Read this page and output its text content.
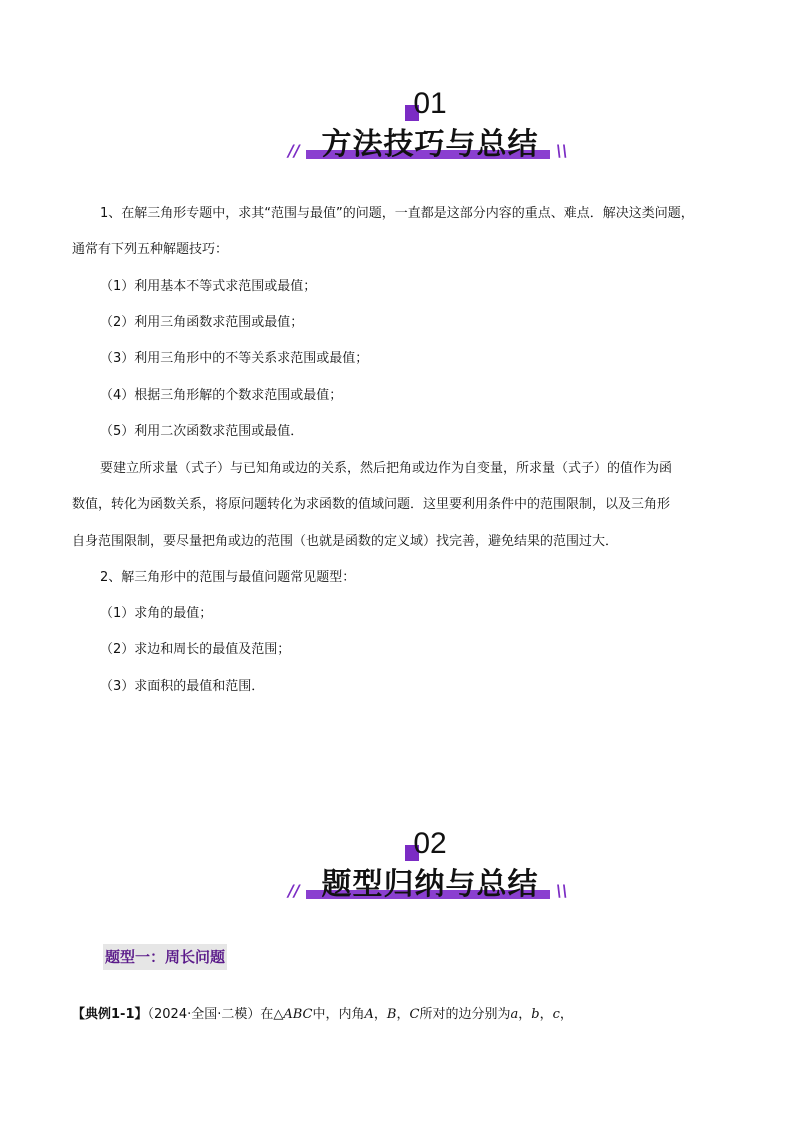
01
方法技巧与总结
//	\\
1、在解三角形专题中，求其“范围与最值”的问题，一直都是这部分内容的重点、难点．解决这类问题，
通常有下列五种解题技巧：
（1）利用基本不等式求范围或最值；
（2）利用三角函数求范围或最值；
（3）利用三角形中的不等关系求范围或最值；
（4）根据三角形解的个数求范围或最值；
（5）利用二次函数求范围或最值．
要建立所求量（式子）与已知角或边的关系，然后把角或边作为自变量，所求量（式子）的值作为函
数值，转化为函数关系，将原问题转化为求函数的值域问题．这里要利用条件中的范围限制，以及三角形
自身范围限制，要尽量把角或边的范围（也就是函数的定义域）找完善，避免结果的范围过大．
2、解三角形中的范围与最值问题常见题型：
（1）求角的最值；
（2）求边和周长的最值及范围；
（3）求面积的最值和范围．
02
题型归纳与总结
//	\\
题型一：周长问题
【典例1-1】（2024·全国·二模）在△ABC中，内角A，B，C所对的边分别为a，b，c，
